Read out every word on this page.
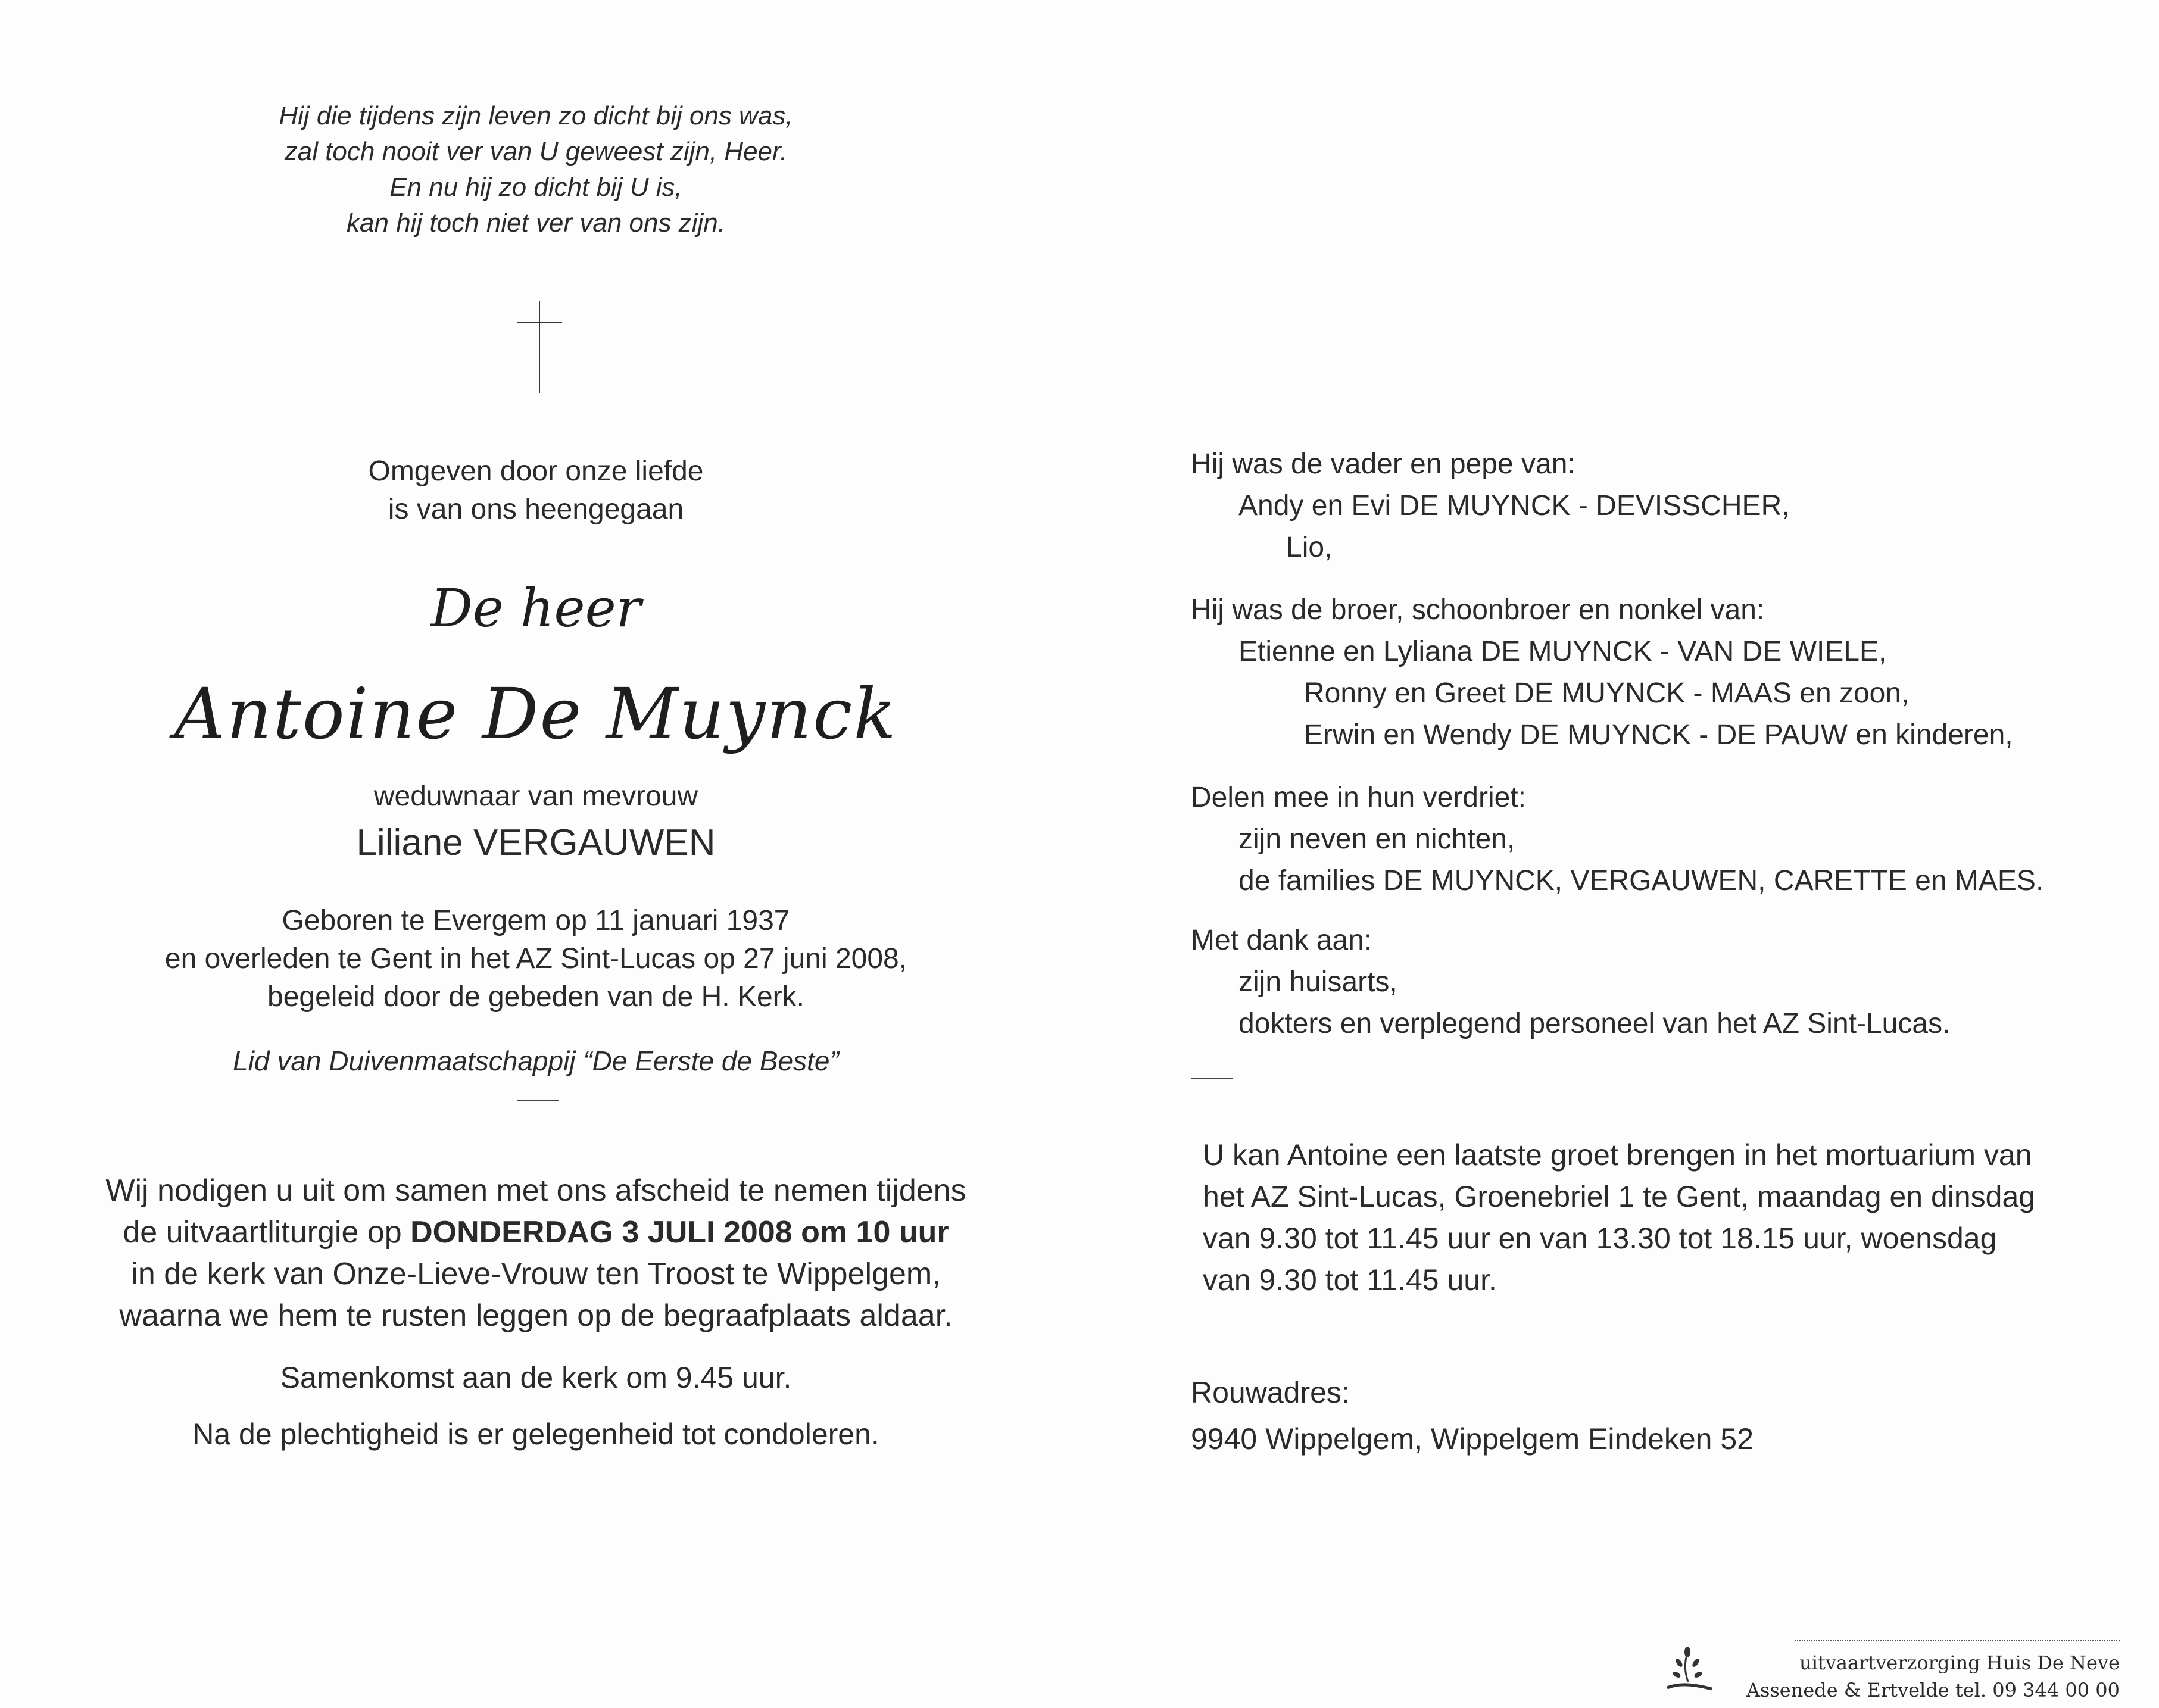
Hij die tijdens zijn leven zo dicht bij ons was,
zal toch nooit ver van U geweest zijn, Heer.
En nu hij zo dicht bij U is,
kan hij toch niet ver van ons zijn.
Omgeven door onze liefde
is van ons heengegaan
De heer
Antoine De Muynck
weduwnaar van mevrouw
Liliane VERGAUWEN
Geboren te Evergem op 11 januari 1937
en overleden te Gent in het AZ Sint-Lucas op 27 juni 2008,
begeleid door de gebeden van de H. Kerk.
Lid van Duivenmaatschappij “De Eerste de Beste”
Wij nodigen u uit om samen met ons afscheid te nemen tijdens
de uitvaartliturgie op DONDERDAG 3 JULI 2008 om 10 uur
in de kerk van Onze-Lieve-Vrouw ten Troost te Wippelgem,
waarna we hem te rusten leggen op de begraafplaats aldaar.
Samenkomst aan de kerk om 9.45 uur.
Na de plechtigheid is er gelegenheid tot condoleren.
Hij was de vader en pepe van:
Andy en Evi DE MUYNCK - DEVISSCHER,
Lio,
Hij was de broer, schoonbroer en nonkel van:
Etienne en Lyliana DE MUYNCK - VAN DE WIELE,
Ronny en Greet DE MUYNCK - MAAS en zoon,
Erwin en Wendy DE MUYNCK - DE PAUW en kinderen,
Delen mee in hun verdriet:
zijn neven en nichten,
de families DE MUYNCK, VERGAUWEN, CARETTE en MAES.
Met dank aan:
zijn huisarts,
dokters en verplegend personeel van het AZ Sint-Lucas.
U kan Antoine een laatste groet brengen in het mortuarium van
het AZ Sint-Lucas, Groenebriel 1 te Gent, maandag en dinsdag
van 9.30 tot 11.45 uur en van 13.30 tot 18.15 uur, woensdag
van 9.30 tot 11.45 uur.
Rouwadres:
9940 Wippelgem, Wippelgem Eindeken 52
uitvaartverzorging Huis De Neve
Assenede & Ertvelde tel. 09 344 00 00
